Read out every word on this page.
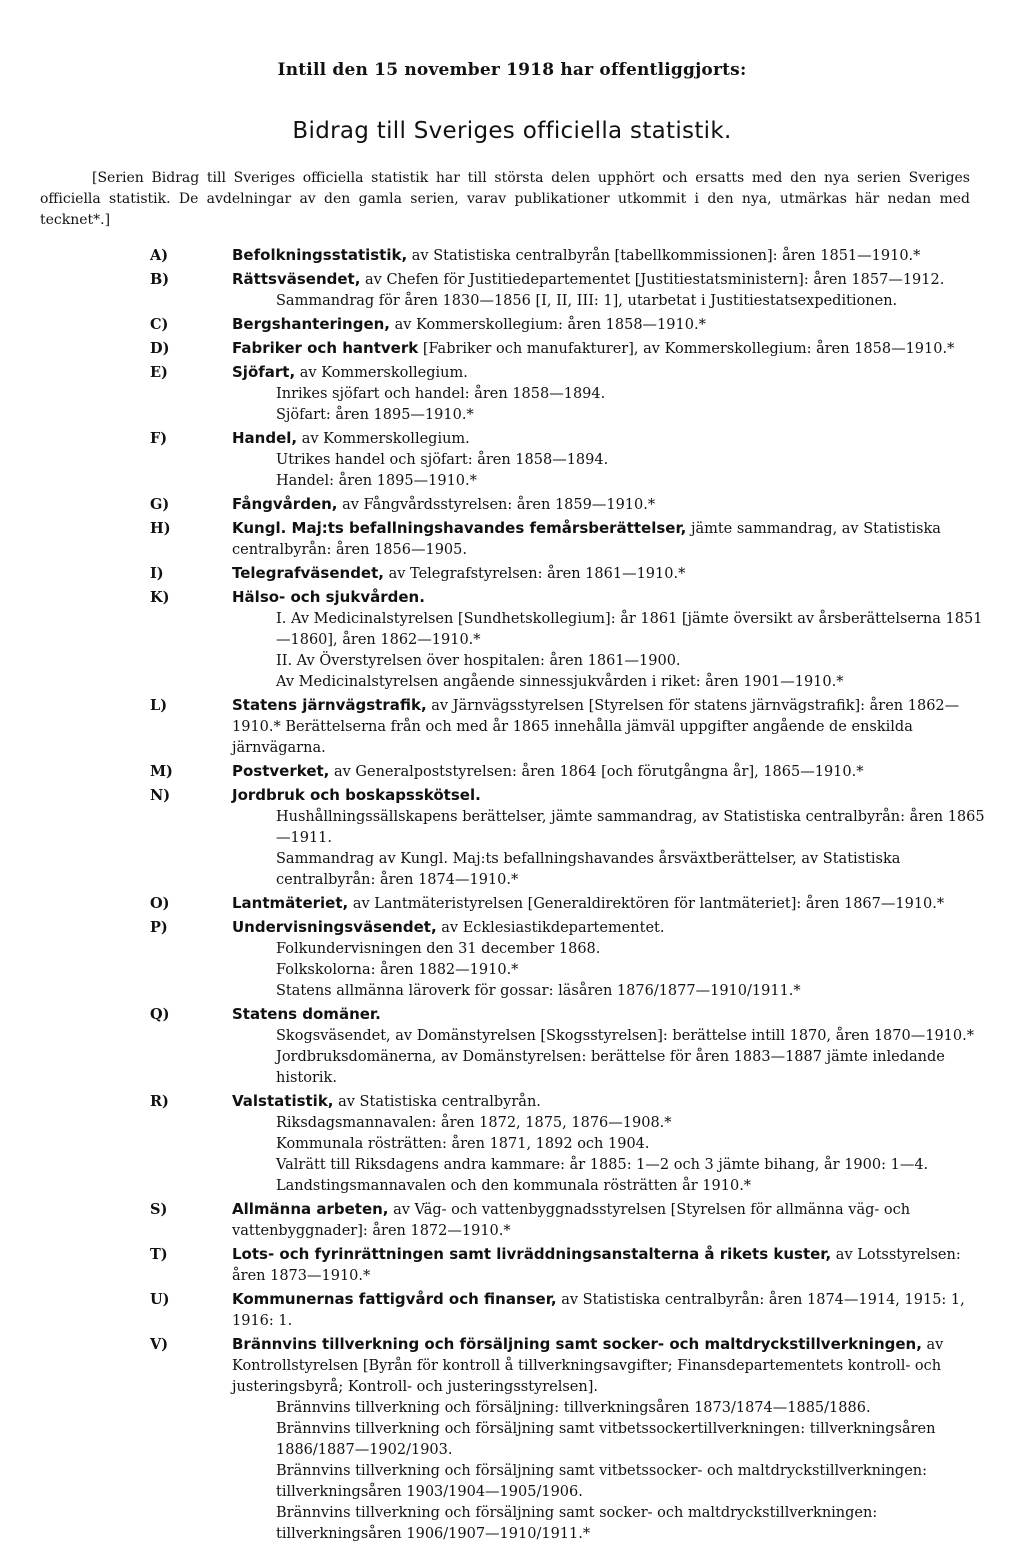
Intill den 15 november 1918 har offentliggjorts:
Bidrag till Sveriges officiella statistik.
[Serien Bidrag till Sveriges officiella statistik har till största delen upphört och ersatts med den nya serien Sveriges officiella statistik. De avdelningar av den gamla serien, varav publikationer utkommit i den nya, utmärkas här nedan med tecknet*.]
A)	Befolkningsstatistik, av Statistiska centralbyrån [tabellkommissionen]: åren 1851—1910.*
B)	Rättsväsendet, av Chefen för Justitiedepartementet [Justitiestatsministern]: åren 1857—1912.
Sammandrag för åren 1830—1856 [I, II, III: 1], utarbetat i Justitiestatsexpeditionen.
C)	Bergshanteringen, av Kommerskollegium: åren 1858—1910.*
D)	Fabriker och hantverk [Fabriker och manufakturer], av Kommerskollegium: åren 1858—1910.*
E)	Sjöfart, av Kommerskollegium.
Inrikes sjöfart och handel: åren 1858—1894.
Sjöfart: åren 1895—1910.*
F)	Handel, av Kommerskollegium.
Utrikes handel och sjöfart: åren 1858—1894.
Handel: åren 1895—1910.*
G)	Fångvården, av Fångvårdsstyrelsen: åren 1859—1910.*
H)	Kungl. Maj:ts befallningshavandes femårsberättelser, jämte sammandrag, av Statistiska centralbyrån: åren 1856—1905.
I)	Telegrafväsendet, av Telegrafstyrelsen: åren 1861—1910.*
K)	Hälso- och sjukvården.
I. Av Medicinalstyrelsen [Sundhetskollegium]: år 1861 [jämte översikt av årsberättelserna 1851—1860], åren 1862—1910.*
II. Av Överstyrelsen över hospitalen: åren 1861—1900.
Av Medicinalstyrelsen angående sinnessjukvården i riket: åren 1901—1910.*
L)	Statens järnvägstrafik, av Järnvägsstyrelsen [Styrelsen för statens järnvägstrafik]: åren 1862—1910.* Berättelserna från och med år 1865 innehålla jämväl uppgifter angående de enskilda järnvägarna.
M)	Postverket, av Generalpoststyrelsen: åren 1864 [och förutgångna år], 1865—1910.*
N)	Jordbruk och boskapsskötsel.
Hushållningssällskapens berättelser, jämte sammandrag, av Statistiska centralbyrån: åren 1865—1911.
Sammandrag av Kungl. Maj:ts befallningshavandes årsväxtberättelser, av Statistiska centralbyrån: åren 1874—1910.*
O)	Lantmäteriet, av Lantmäteristyrelsen [Generaldirektören för lantmäteriet]: åren 1867—1910.*
P)	Undervisningsväsendet, av Ecklesiastikdepartementet.
Folkundervisningen den 31 december 1868.
Folkskolorna: åren 1882—1910.*
Statens allmänna läroverk för gossar: läsåren 1876/1877—1910/1911.*
Q)	Statens domäner.
Skogsväsendet, av Domänstyrelsen [Skogsstyrelsen]: berättelse intill 1870, åren 1870—1910.*
Jordbruksdomänerna, av Domänstyrelsen: berättelse för åren 1883—1887 jämte inledande historik.
R)	Valstatistik, av Statistiska centralbyrån.
Riksdagsmannavalen: åren 1872, 1875, 1876—1908.*
Kommunala rösträtten: åren 1871, 1892 och 1904.
Valrätt till Riksdagens andra kammare: år 1885: 1—2 och 3 jämte bihang, år 1900: 1—4.
Landstingsmannavalen och den kommunala rösträtten år 1910.*
S)	Allmänna arbeten, av Väg- och vattenbyggnadsstyrelsen [Styrelsen för allmänna väg- och vattenbyggnader]: åren 1872—1910.*
T)	Lots- och fyrinrättningen samt livräddningsanstalterna å rikets kuster, av Lotsstyrelsen: åren 1873—1910.*
U)	Kommunernas fattigvård och finanser, av Statistiska centralbyrån: åren 1874—1914, 1915: 1, 1916: 1.
V)	Brännvins tillverkning och försäljning samt socker- och maltdryckstillverkningen, av Kontrollstyrelsen [Byrån för kontroll å tillverkningsavgifter; Finansdepartementets kontroll- och justeringsbyrå; Kontroll- och justeringsstyrelsen].
Brännvins tillverkning och försäljning: tillverkningsåren 1873/1874—1885/1886.
Brännvins tillverkning och försäljning samt vitbetssockertillverkningen: tillverkningsåren 1886/1887—1902/1903.
Brännvins tillverkning och försäljning samt vitbetssocker- och maltdryckstillverkningen: tillverkningsåren 1903/1904—1905/1906.
Brännvins tillverkning och försäljning samt socker- och maltdryckstillverkningen: tillverkningsåren 1906/1907—1910/1911.*
